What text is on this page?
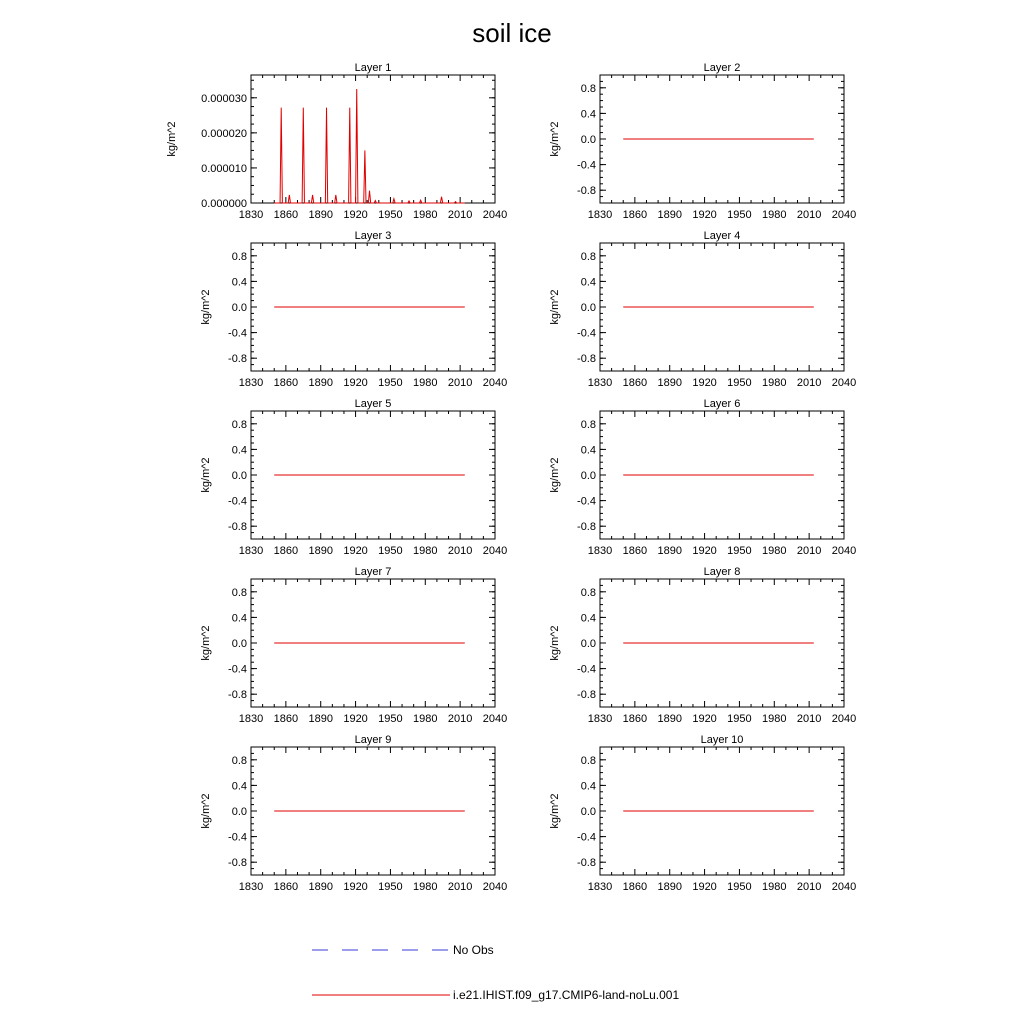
soil ice
Layer 1
1830 1860 1890 1920 1950 1980 2010 2040
0.000000
0.000010
0.000020
0.000030
kg/m^2
Layer 2
1830 1860 1890 1920 1950 1980 2010 2040
-0.8
-0.4
0.0
0.4
0.8
kg/m^2
Layer 3
1830 1860 1890 1920 1950 1980 2010 2040
-0.8
-0.4
0.0
0.4
0.8
kg/m^2
Layer 4
1830 1860 1890 1920 1950 1980 2010 2040
-0.8
-0.4
0.0
0.4
0.8
kg/m^2
Layer 5
1830 1860 1890 1920 1950 1980 2010 2040
-0.8
-0.4
0.0
0.4
0.8
kg/m^2
Layer 6
1830 1860 1890 1920 1950 1980 2010 2040
-0.8
-0.4
0.0
0.4
0.8
kg/m^2
Layer 7
1830 1860 1890 1920 1950 1980 2010 2040
-0.8
-0.4
0.0
0.4
0.8
kg/m^2
Layer 8
1830 1860 1890 1920 1950 1980 2010 2040
-0.8
-0.4
0.0
0.4
0.8
kg/m^2
Layer 9
1830 1860 1890 1920 1950 1980 2010 2040
-0.8
-0.4
0.0
0.4
0.8
kg/m^2
Layer 10
1830 1860 1890 1920 1950 1980 2010 2040
-0.8
-0.4
0.0
0.4
0.8
kg/m^2
No Obs
i.e21.IHIST.f09_g17.CMIP6-land-noLu.001
